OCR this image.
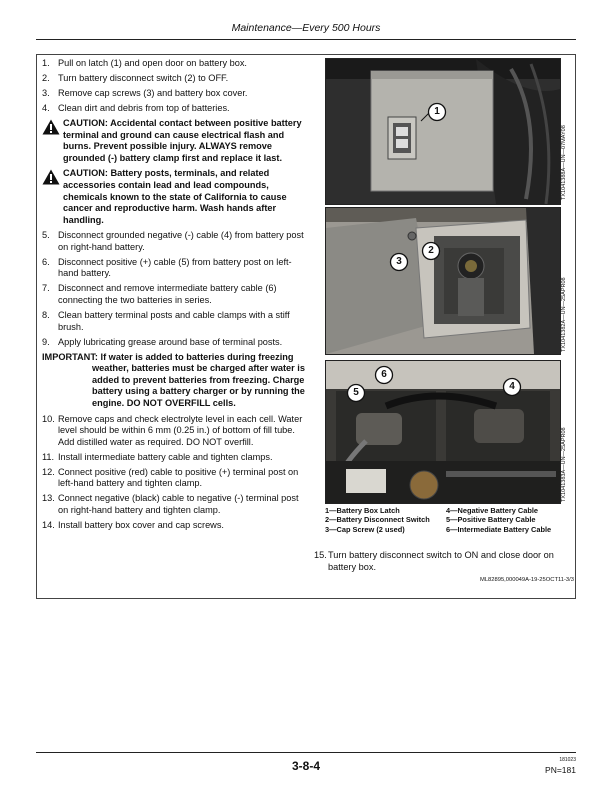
Maintenance—Every 500 Hours
1. Pull on latch (1) and open door on battery box.
2. Turn battery disconnect switch (2) to OFF.
3. Remove cap screws (3) and battery box cover.
4. Clean dirt and debris from top of batteries.
CAUTION: Accidental contact between positive battery terminal and ground can cause electrical flash and burns. Prevent possible injury. ALWAYS remove grounded (-) battery clamp first and replace it last.
CAUTION: Battery posts, terminals, and related accessories contain lead and lead compounds, chemicals known to the state of California to cause cancer and reproductive harm. Wash hands after handling.
5. Disconnect grounded negative (-) cable (4) from battery post on right-hand battery.
6. Disconnect positive (+) cable (5) from battery post on left-hand battery.
7. Disconnect and remove intermediate battery cable (6) connecting the two batteries in series.
8. Clean battery terminal posts and cable clamps with a stiff brush.
9. Apply lubricating grease around base of terminal posts.
IMPORTANT: If water is added to batteries during freezing weather, batteries must be charged after water is added to prevent batteries from freezing. Charge battery using a battery charger or by running the engine. DO NOT OVERFILL cells.
10. Remove caps and check electrolyte level in each cell. Water level should be within 6 mm (0.25 in.) of bottom of fill tube. Add distilled water as required. DO NOT overfill.
11. Install intermediate battery cable and tighten clamps.
12. Connect positive (red) cable to positive (+) terminal post on left-hand battery and tighten clamp.
13. Connect negative (black) cable to negative (-) terminal post on right-hand battery and tighten clamp.
14. Install battery box cover and cap screws.
1
TX1041388A—UN—07MAY08
2
3
TX1041382A—UN—25APR08
6
5
4
TX1041383A—UN—25APR08
1—Battery Box Latch	4—Negative Battery Cable
2—Battery Disconnect Switch	5—Positive Battery Cable
3—Cap Screw (2 used)	6—Intermediate Battery Cable
15. Turn battery disconnect switch to ON and close door on battery box.
ML82895,000049A-19-25OCT11-3/3
3-8-4	181023
PN=181
